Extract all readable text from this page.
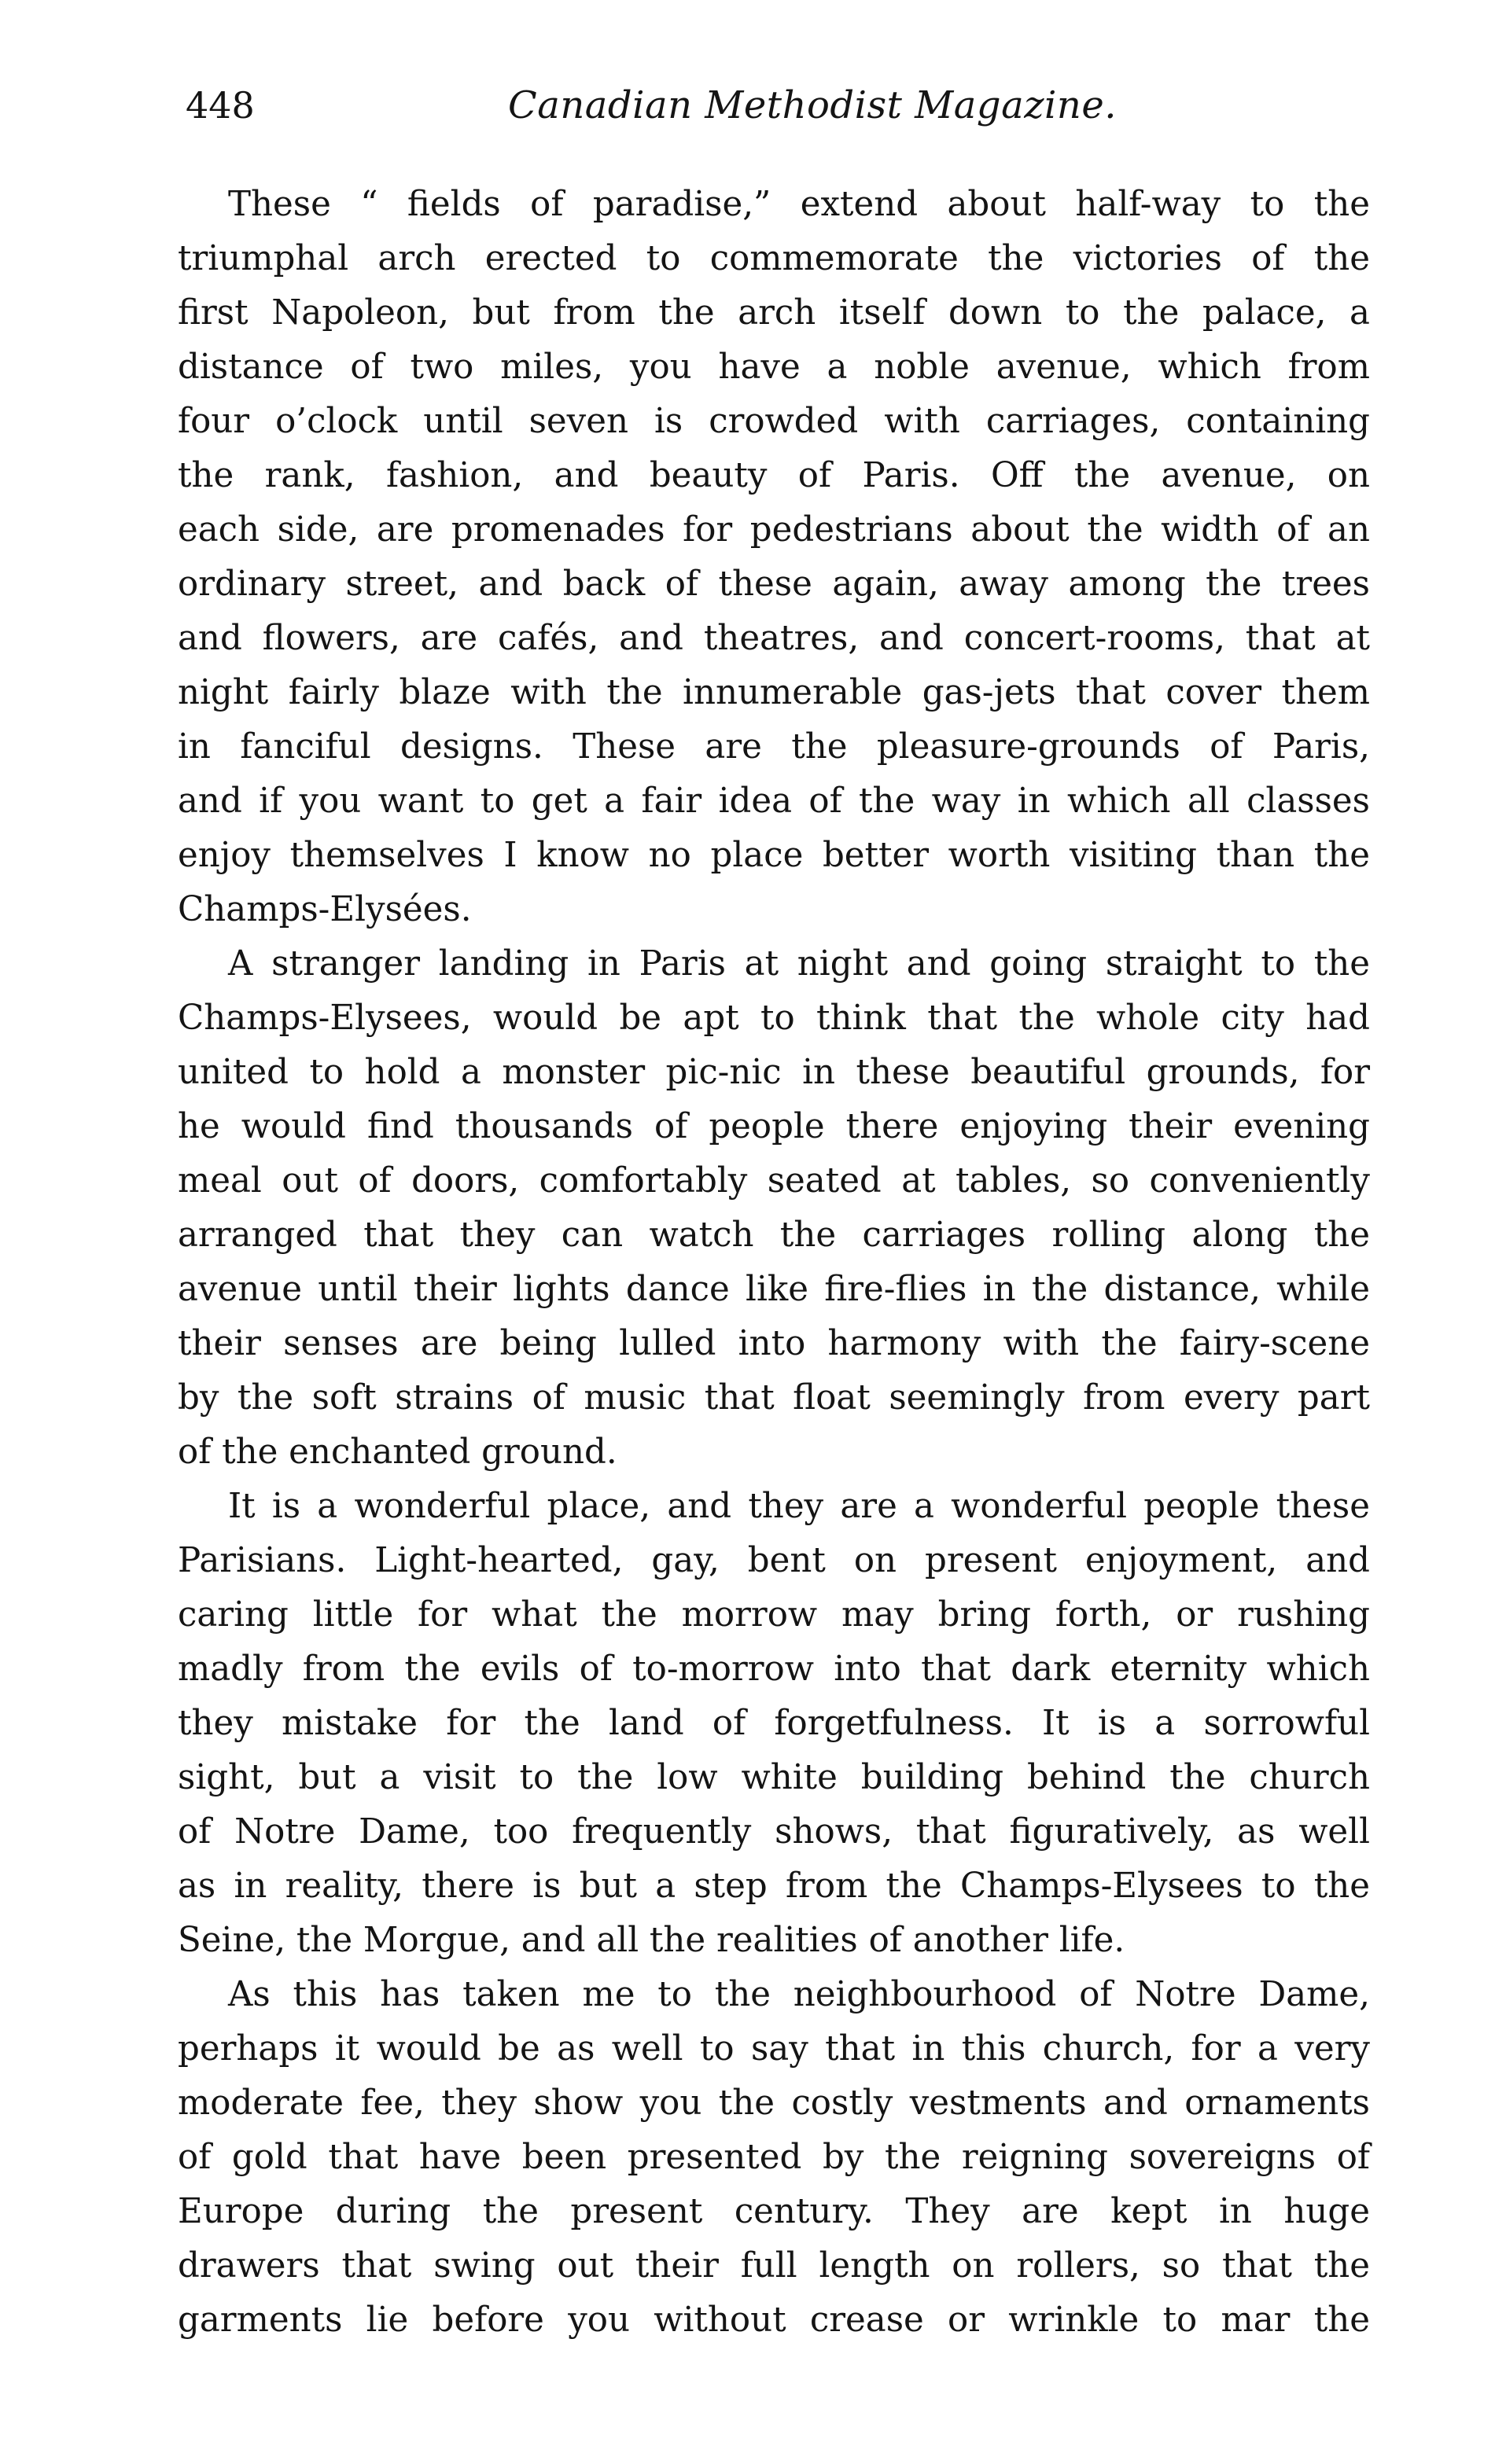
448	Canadian Methodist Magazine.
These “ fields of paradise,” extend about half-way to the
triumphal arch erected to commemorate the victories of the
first Napoleon, but from the arch itself down to the palace, a
distance of two miles, you have a noble avenue, which from
four o’clock until seven is crowded with carriages, containing
the rank, fashion, and beauty of Paris. Off the avenue, on
each side, are promenades for pedestrians about the width of an
ordinary street, and back of these again, away among the trees
and flowers, are cafés, and theatres, and concert-rooms, that at
night fairly blaze with the innumerable gas-jets that cover them
in fanciful designs. These are the pleasure-grounds of Paris,
and if you want to get a fair idea of the way in which all classes
enjoy themselves I know no place better worth visiting than the
Champs-Elysées.
A stranger landing in Paris at night and going straight to the
Champs-Elysees, would be apt to think that the whole city had
united to hold a monster pic-nic in these beautiful grounds, for
he would find thousands of people there enjoying their evening
meal out of doors, comfortably seated at tables, so conveniently
arranged that they can watch the carriages rolling along the
avenue until their lights dance like fire-flies in the distance, while
their senses are being lulled into harmony with the fairy-scene
by the soft strains of music that float seemingly from every part
of the enchanted ground.
It is a wonderful place, and they are a wonderful people these
Parisians. Light-hearted, gay, bent on present enjoyment, and
caring little for what the morrow may bring forth, or rushing
madly from the evils of to-morrow into that dark eternity which
they mistake for the land of forgetfulness. It is a sorrowful
sight, but a visit to the low white building behind the church
of Notre Dame, too frequently shows, that figuratively, as well
as in reality, there is but a step from the Champs-Elysees to the
Seine, the Morgue, and all the realities of another life.
As this has taken me to the neighbourhood of Notre Dame,
perhaps it would be as well to say that in this church, for a very
moderate fee, they show you the costly vestments and ornaments
of gold that have been presented by the reigning sovereigns of
Europe during the present century. They are kept in huge
drawers that swing out their full length on rollers, so that the
garments lie before you without crease or wrinkle to mar the
